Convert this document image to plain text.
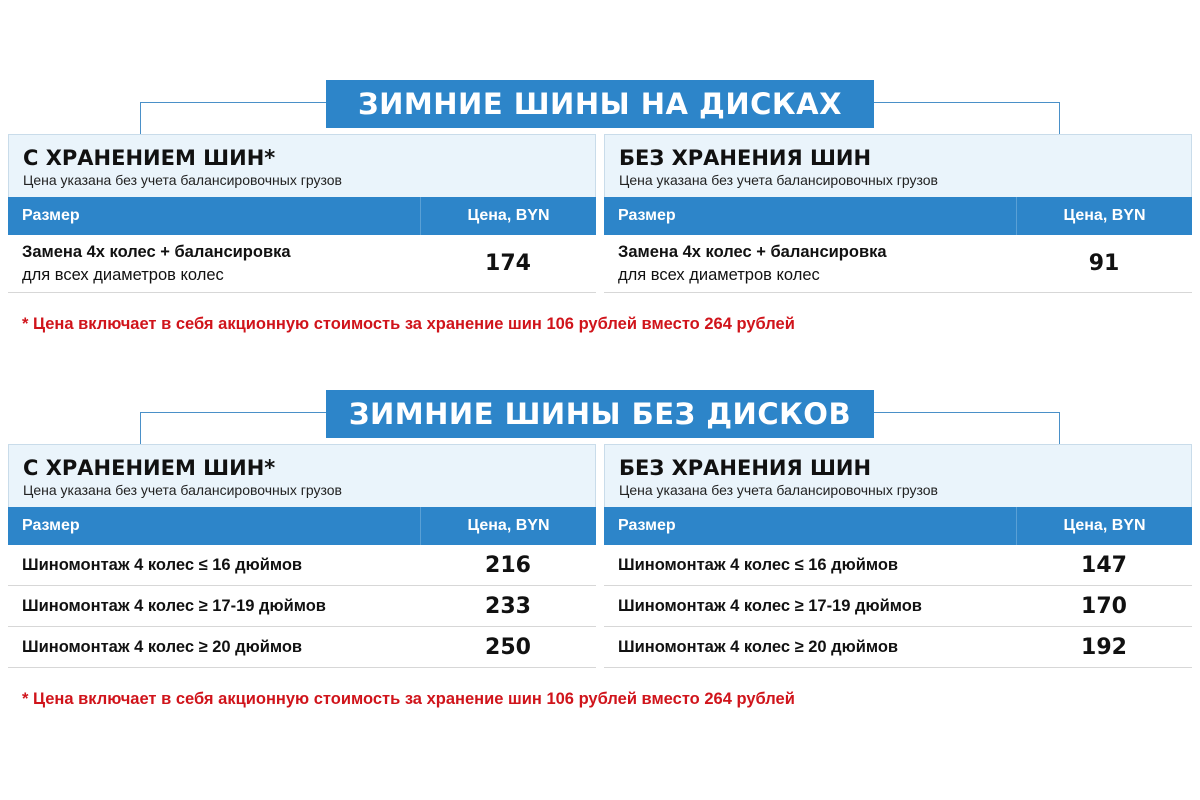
ЗИМНИЕ ШИНЫ НА ДИСКАХ
С ХРАНЕНИЕМ ШИН*
Цена указана без учета балансировочных грузов
Размер	Цена, BYN
Замена 4х колес + балансировка
для всех диаметров колес	174
БЕЗ ХРАНЕНИЯ ШИН
Цена указана без учета балансировочных грузов
Размер	Цена, BYN
Замена 4х колес + балансировка
для всех диаметров колес	91
* Цена включает в себя акционную стоимость за хранение шин 106 рублей вместо 264 рублей
ЗИМНИЕ ШИНЫ БЕЗ ДИСКОВ
С ХРАНЕНИЕМ ШИН*
Цена указана без учета балансировочных грузов
Размер	Цена, BYN
Шиномонтаж 4 колес ≤ 16 дюймов	216
Шиномонтаж 4 колес ≥ 17-19 дюймов	233
Шиномонтаж 4 колес ≥ 20 дюймов	250
БЕЗ ХРАНЕНИЯ ШИН
Цена указана без учета балансировочных грузов
Размер	Цена, BYN
Шиномонтаж 4 колес ≤ 16 дюймов	147
Шиномонтаж 4 колес ≥ 17-19 дюймов	170
Шиномонтаж 4 колес ≥ 20 дюймов	192
* Цена включает в себя акционную стоимость за хранение шин 106 рублей вместо 264 рублей
